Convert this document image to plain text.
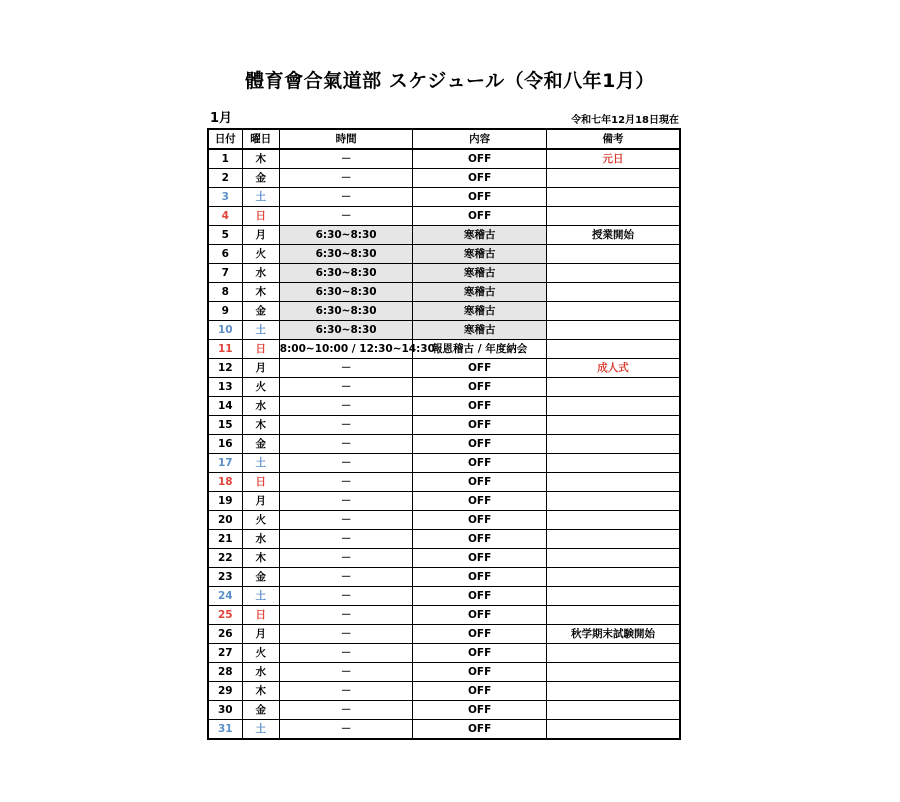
體育會合氣道部 スケジュール（令和八年1月）
1月	令和七年12月18日現在
日付	曜日	時間	内容	備考
1	木	－	OFF	元日
2	金	－	OFF	
3	土	－	OFF	
4	日	－	OFF	
5	月	6:30~8:30	寒稽古	授業開始
6	火	6:30~8:30	寒稽古	
7	水	6:30~8:30	寒稽古	
8	木	6:30~8:30	寒稽古	
9	金	6:30~8:30	寒稽古	
10	土	6:30~8:30	寒稽古	
11	日	8:00~10:00 / 12:30~14:30	報恩稽古 / 年度納会	
12	月	－	OFF	成人式
13	火	－	OFF	
14	水	－	OFF	
15	木	－	OFF	
16	金	－	OFF	
17	土	－	OFF	
18	日	－	OFF	
19	月	－	OFF	
20	火	－	OFF	
21	水	－	OFF	
22	木	－	OFF	
23	金	－	OFF	
24	土	－	OFF	
25	日	－	OFF	
26	月	－	OFF	秋学期末試験開始
27	火	－	OFF	
28	水	－	OFF	
29	木	－	OFF	
30	金	－	OFF	
31	土	－	OFF	
